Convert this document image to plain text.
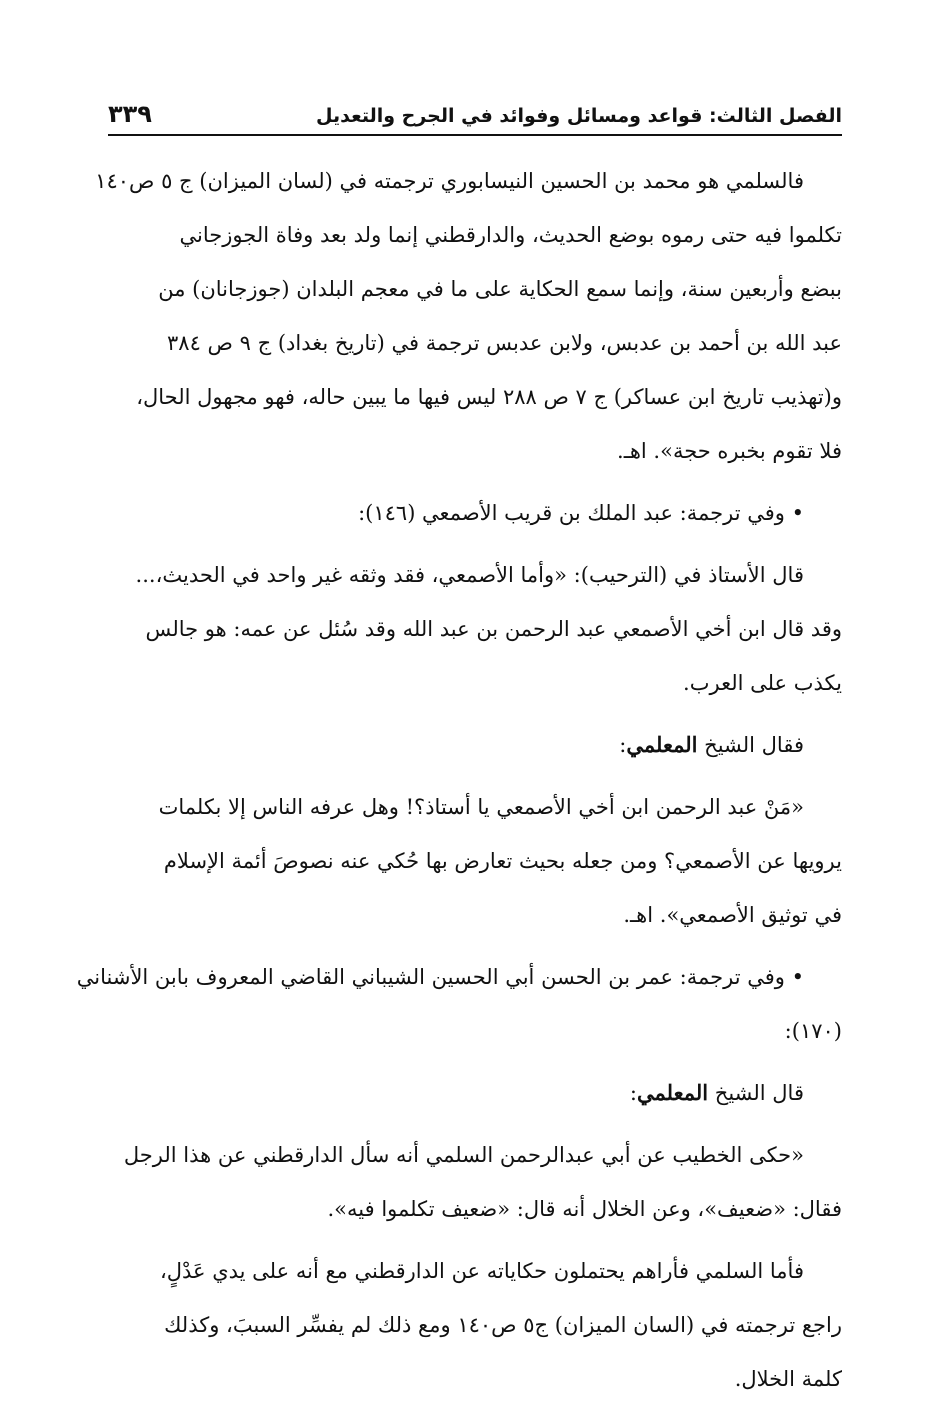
الفصل الثالث: قواعد ومسائل وفوائد في الجرح والتعديل
٣٣٩
فالسلمي هو محمد بن الحسين النيسابوري ترجمته في (لسان الميزان) ج ٥ ص١٤٠
تكلموا فيه حتى رموه بوضع الحديث، والدارقطني إنما ولد بعد وفاة الجوزجاني
ببضع وأربعين سنة، وإنما سمع الحكاية على ما في معجم البلدان (جوزجانان) من
عبد الله بن أحمد بن عدبس، ولابن عدبس ترجمة في (تاريخ بغداد) ج ٩ ص ٣٨٤
و(تهذيب تاريخ ابن عساكر) ج ٧ ص ٢٨٨ ليس فيها ما يبين حاله، فهو مجهول الحال،
فلا تقوم بخبره حجة». اهـ.
• وفي ترجمة: عبد الملك بن قريب الأصمعي (١٤٦):
قال الأستاذ في (الترحيب): «وأما الأصمعي، فقد وثقه غير واحد في الحديث،...
وقد قال ابن أخي الأصمعي عبد الرحمن بن عبد الله وقد سُئل عن عمه: هو جالس
يكذب على العرب.
فقال الشيخ المعلمي:
«مَنْ عبد الرحمن ابن أخي الأصمعي يا أستاذ؟! وهل عرفه الناس إلا بكلمات
يرويها عن الأصمعي؟ ومن جعله بحيث تعارض بها حُكي عنه نصوصَ أئمة الإسلام
في توثيق الأصمعي». اهـ.
• وفي ترجمة: عمر بن الحسن أبي الحسين الشيباني القاضي المعروف بابن الأشناني
(١٧٠):
قال الشيخ المعلمي:
«حكى الخطيب عن أبي عبدالرحمن السلمي أنه سأل الدارقطني عن هذا الرجل
فقال: «ضعيف»، وعن الخلال أنه قال: «ضعيف تكلموا فيه».
فأما السلمي فأراهم يحتملون حكاياته عن الدارقطني مع أنه على يدي عَدْلٍ،
راجع ترجمته في (السان الميزان) ج٥ ص١٤٠ ومع ذلك لم يفسِّر السببَ، وكذلك
كلمة الخلال.
